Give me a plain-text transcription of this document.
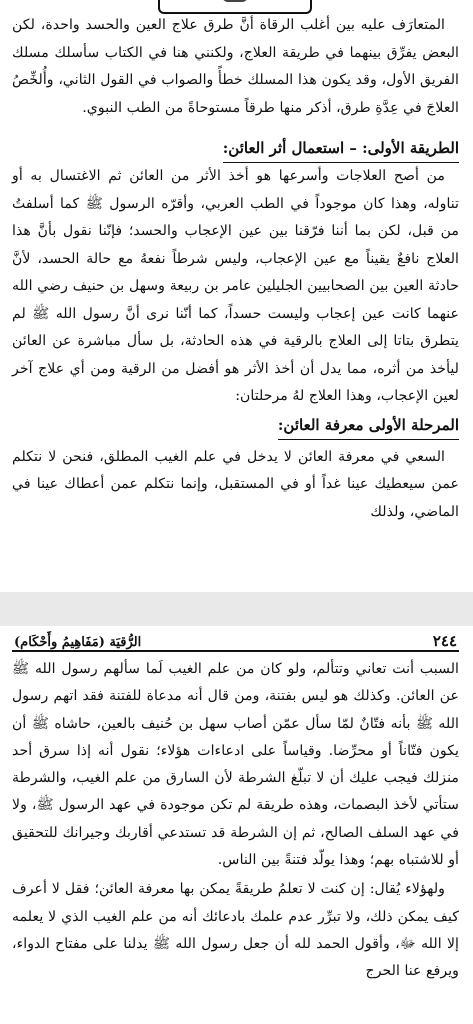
المتعارَف عليه بين أغلب الرقاة أنَّ طرق علاج العين والحسد واحدة، لكن البعض يفرِّق بينهما في طريقة العلاج، ولكنني هنا في الكتاب سأسلك مسلك الفريق الأول، وقد يكون هذا المسلك خطأً والصواب في القول الثاني، وأُلخِّصُ العلاجَ في عِدَّةِ طرق، أذكر منها طرقاً مستوحاةً من الطب النبوي.

الطريقة الأولى: – استعمال أثر العائن:

من أصح العلاجات وأسرعها هو أخذ الأثر من العائن ثم الاغتسال به أو تناوله، وهذا كان موجوداً في الطب العربي، وأقرّه الرسول ﷺ كما أسلفتُ من قبل، لكن بما أننا فرّقنا بين عين الإعجاب والحسد؛ فإنّنا نقول بأنَّ هذا العلاج نافعٌ يقيناً مع عين الإعجاب، وليس شرطاً نفعهُ مع حالة الحسد، لأنَّ حادثة العين بين الصحابيين الجليلين عامر بن ربيعة وسهل بن حنيف رضي الله عنهما كانت عين إعجاب وليست حسداً، كما أنّنا نرى أنَّ رسول الله ﷺ لم يتطرق بتاتا إلى العلاج بالرقية في هذه الحادثة، بل سأل مباشرة عن العائن ليأخذ من أثره، مما يدل أن أخذ الأثر هو أفضل من الرقية ومن أي علاج آخر لعين الإعجاب، وهذا العلاج لهُ مرحلتان:

المرحلة الأولى معرفة العائن:

السعي في معرفة العائن لا يدخل في علم الغيب المطلق، فنحن لا نتكلم عمن سيعطيك عينا غداً أو في المستقبل، وإنما نتكلم عمن أعطاك عينا في الماضي، ولذلك

٢٤٤
الرُّقيَة (مَفَاهِيمُ وأَحْكَام)

السبب أنت تعاني وتتألم، ولو كان من علم الغيب لَما سألهم رسول الله ﷺ عن العائن. وكذلك هو ليس بفتنة، ومن قال أنه مدعاة للفتنة فقد اتهم رسول الله ﷺ بأنه فتّانٌ لمّا سأل عمّن أصاب سهل بن حُنيف بالعين، حاشاه ﷺ أن يكون فتّاناً أو محرِّضا. وقياساً على ادعاءات هؤلاء؛ نقول أنه إذا سرق أحد منزلك فيجب عليك أن لا تبلّغ الشرطة لأن السارق من علم الغيب، والشرطة ستأتي لأخذ البصمات، وهذه طريقة لم تكن موجودة في عهد الرسول ﷺ، ولا في عهد السلف الصالح، ثم إن الشرطة قد تستدعي أقاربك وجيرانك للتحقيق أو للاشتباه بهم؛ وهذا يولّد فتنةً بين الناس.

ولهؤلاء يُقال: إن كنت لا تعلمُ طريقةً يمكن بها معرفة العائن؛ فقل لا أعرف كيف يمكن ذلك، ولا تبرِّر عدم علمك بادعائك أنه من علم الغيب الذي لا يعلمه إلا الله ﷻ، وأقول الحمد لله أن جعل رسول الله ﷺ يدلنا على مفتاح الدواء، ويرفع عنا الحرج
